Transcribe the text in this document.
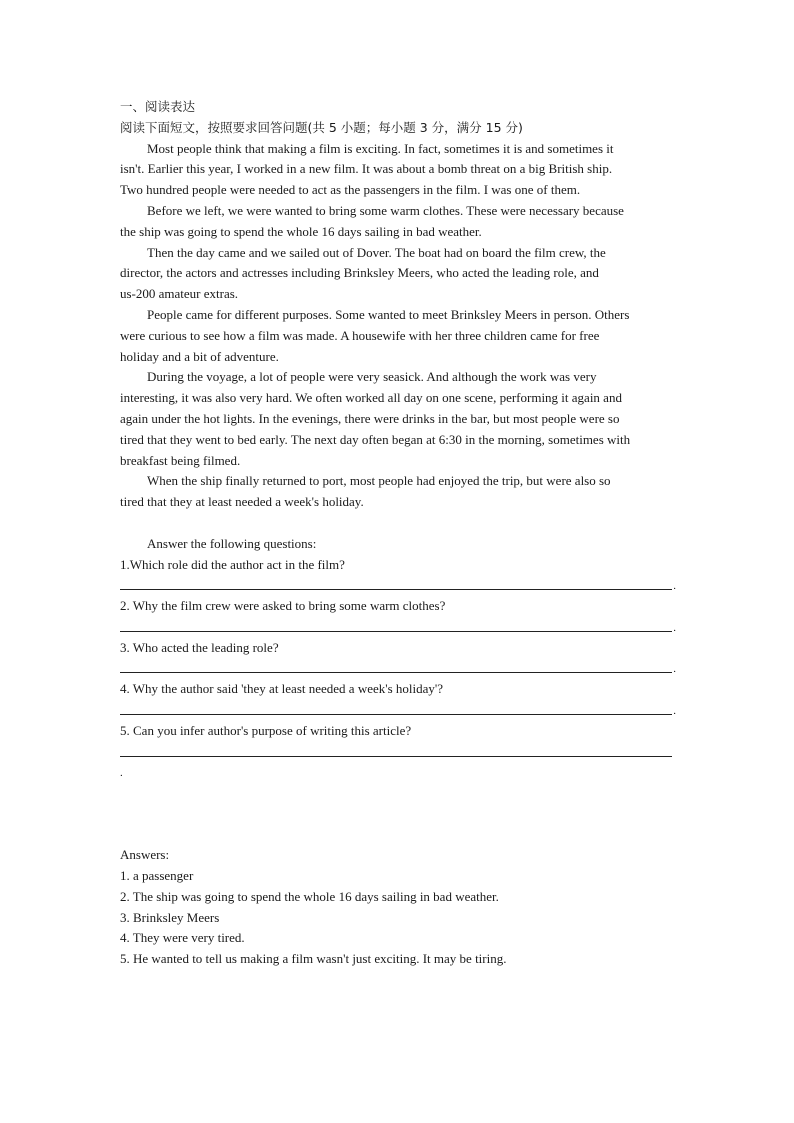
一、阅读表达
阅读下面短文，按照要求回答问题(共 5 小题；每小题 3 分，满分 15 分)
Most people think that making a film is exciting. In fact, sometimes it is and sometimes it
isn't. Earlier this year, I worked in a new film. It was about a bomb threat on a big British ship.
Two hundred people were needed to act as the passengers in the film. I was one of them.
Before we left, we were wanted to bring some warm clothes. These were necessary because
the ship was going to spend the whole 16 days sailing in bad weather.
Then the day came and we sailed out of Dover. The boat had on board the film crew, the
director, the actors and actresses including Brinksley Meers, who acted the leading role, and
us-200 amateur extras.
People came for different purposes. Some wanted to meet Brinksley Meers in person. Others
were curious to see how a film was made. A housewife with her three children came for free
holiday and a bit of adventure.
During the voyage, a lot of people were very seasick. And although the work was very
interesting, it was also very hard. We often worked all day on one scene, performing it again and
again under the hot lights. In the evenings, there were drinks in the bar, but most people were so
tired that they went to bed early. The next day often began at 6:30 in the morning, sometimes with
breakfast being filmed.
When the ship finally returned to port, most people had enjoyed the trip, but were also so
tired that they at least needed a week's holiday.
Answer the following questions:
1.Which role did the author act in the film?
.
2. Why the film crew were asked to bring some warm clothes?
.
3. Who acted the leading role?
.
4. Why the author said 'they at least needed a week's holiday'?
.
5. Can you infer author's purpose of writing this article?
.
Answers:
1. a passenger
2. The ship was going to spend the whole 16 days sailing in bad weather.
3. Brinksley Meers
4. They were very tired.
5. He wanted to tell us making a film wasn't just exciting. It may be tiring.
